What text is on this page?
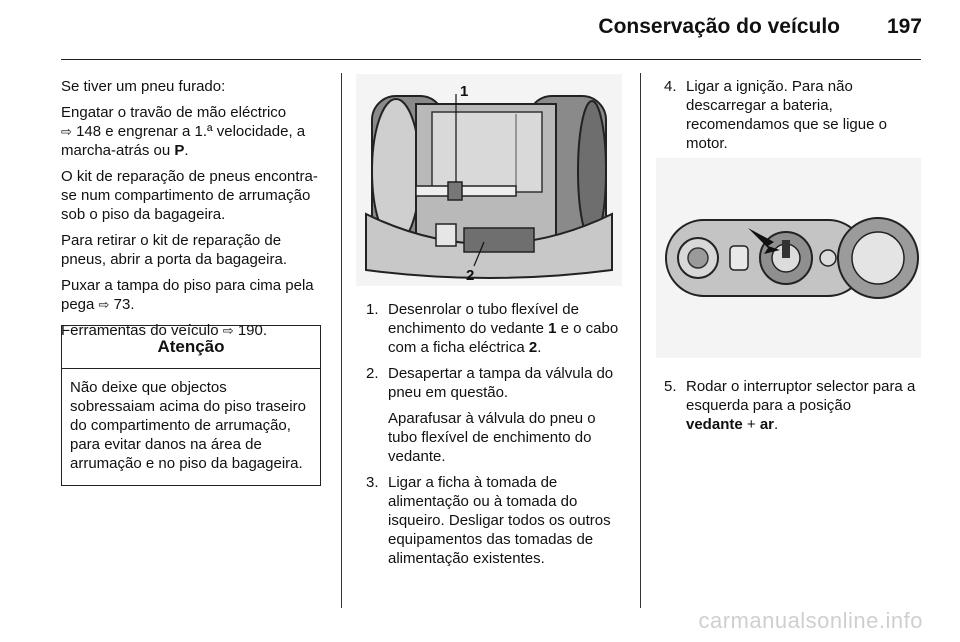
Conservação do veículo	197

Se tiver um pneu furado:

Engatar o travão de mão eléctrico
⇨ 148 e engrenar a 1.ª velocidade, a marcha-atrás ou P.

O kit de reparação de pneus encontra-se num compartimento de arrumação sob o piso da bagageira.

Para retirar o kit de reparação de pneus, abrir a porta da bagageira.

Puxar a tampa do piso para cima pela pega ⇨ 73.

Ferramentas do veículo ⇨ 190.

Atenção
Não deixe que objectos sobressaiam acima do piso traseiro do compartimento de arrumação, para evitar danos na área de arrumação e no piso da bagageira.
1
2
1. Desenrolar o tubo flexível de enchimento do vedante 1 e o cabo com a ficha eléctrica 2.
2. Desapertar a tampa da válvula do pneu em questão.
Aparafusar à válvula do pneu o tubo flexível de enchimento do vedante.
3. Ligar a ficha à tomada de alimentação ou à tomada do isqueiro. Desligar todos os outros equipamentos das tomadas de alimentação existentes.
4. Ligar a ignição. Para não descarregar a bateria, recomendamos que se ligue o motor.
5. Rodar o interruptor selector para a esquerda para a posição
vedante + ar.
carmanualsonline.info
